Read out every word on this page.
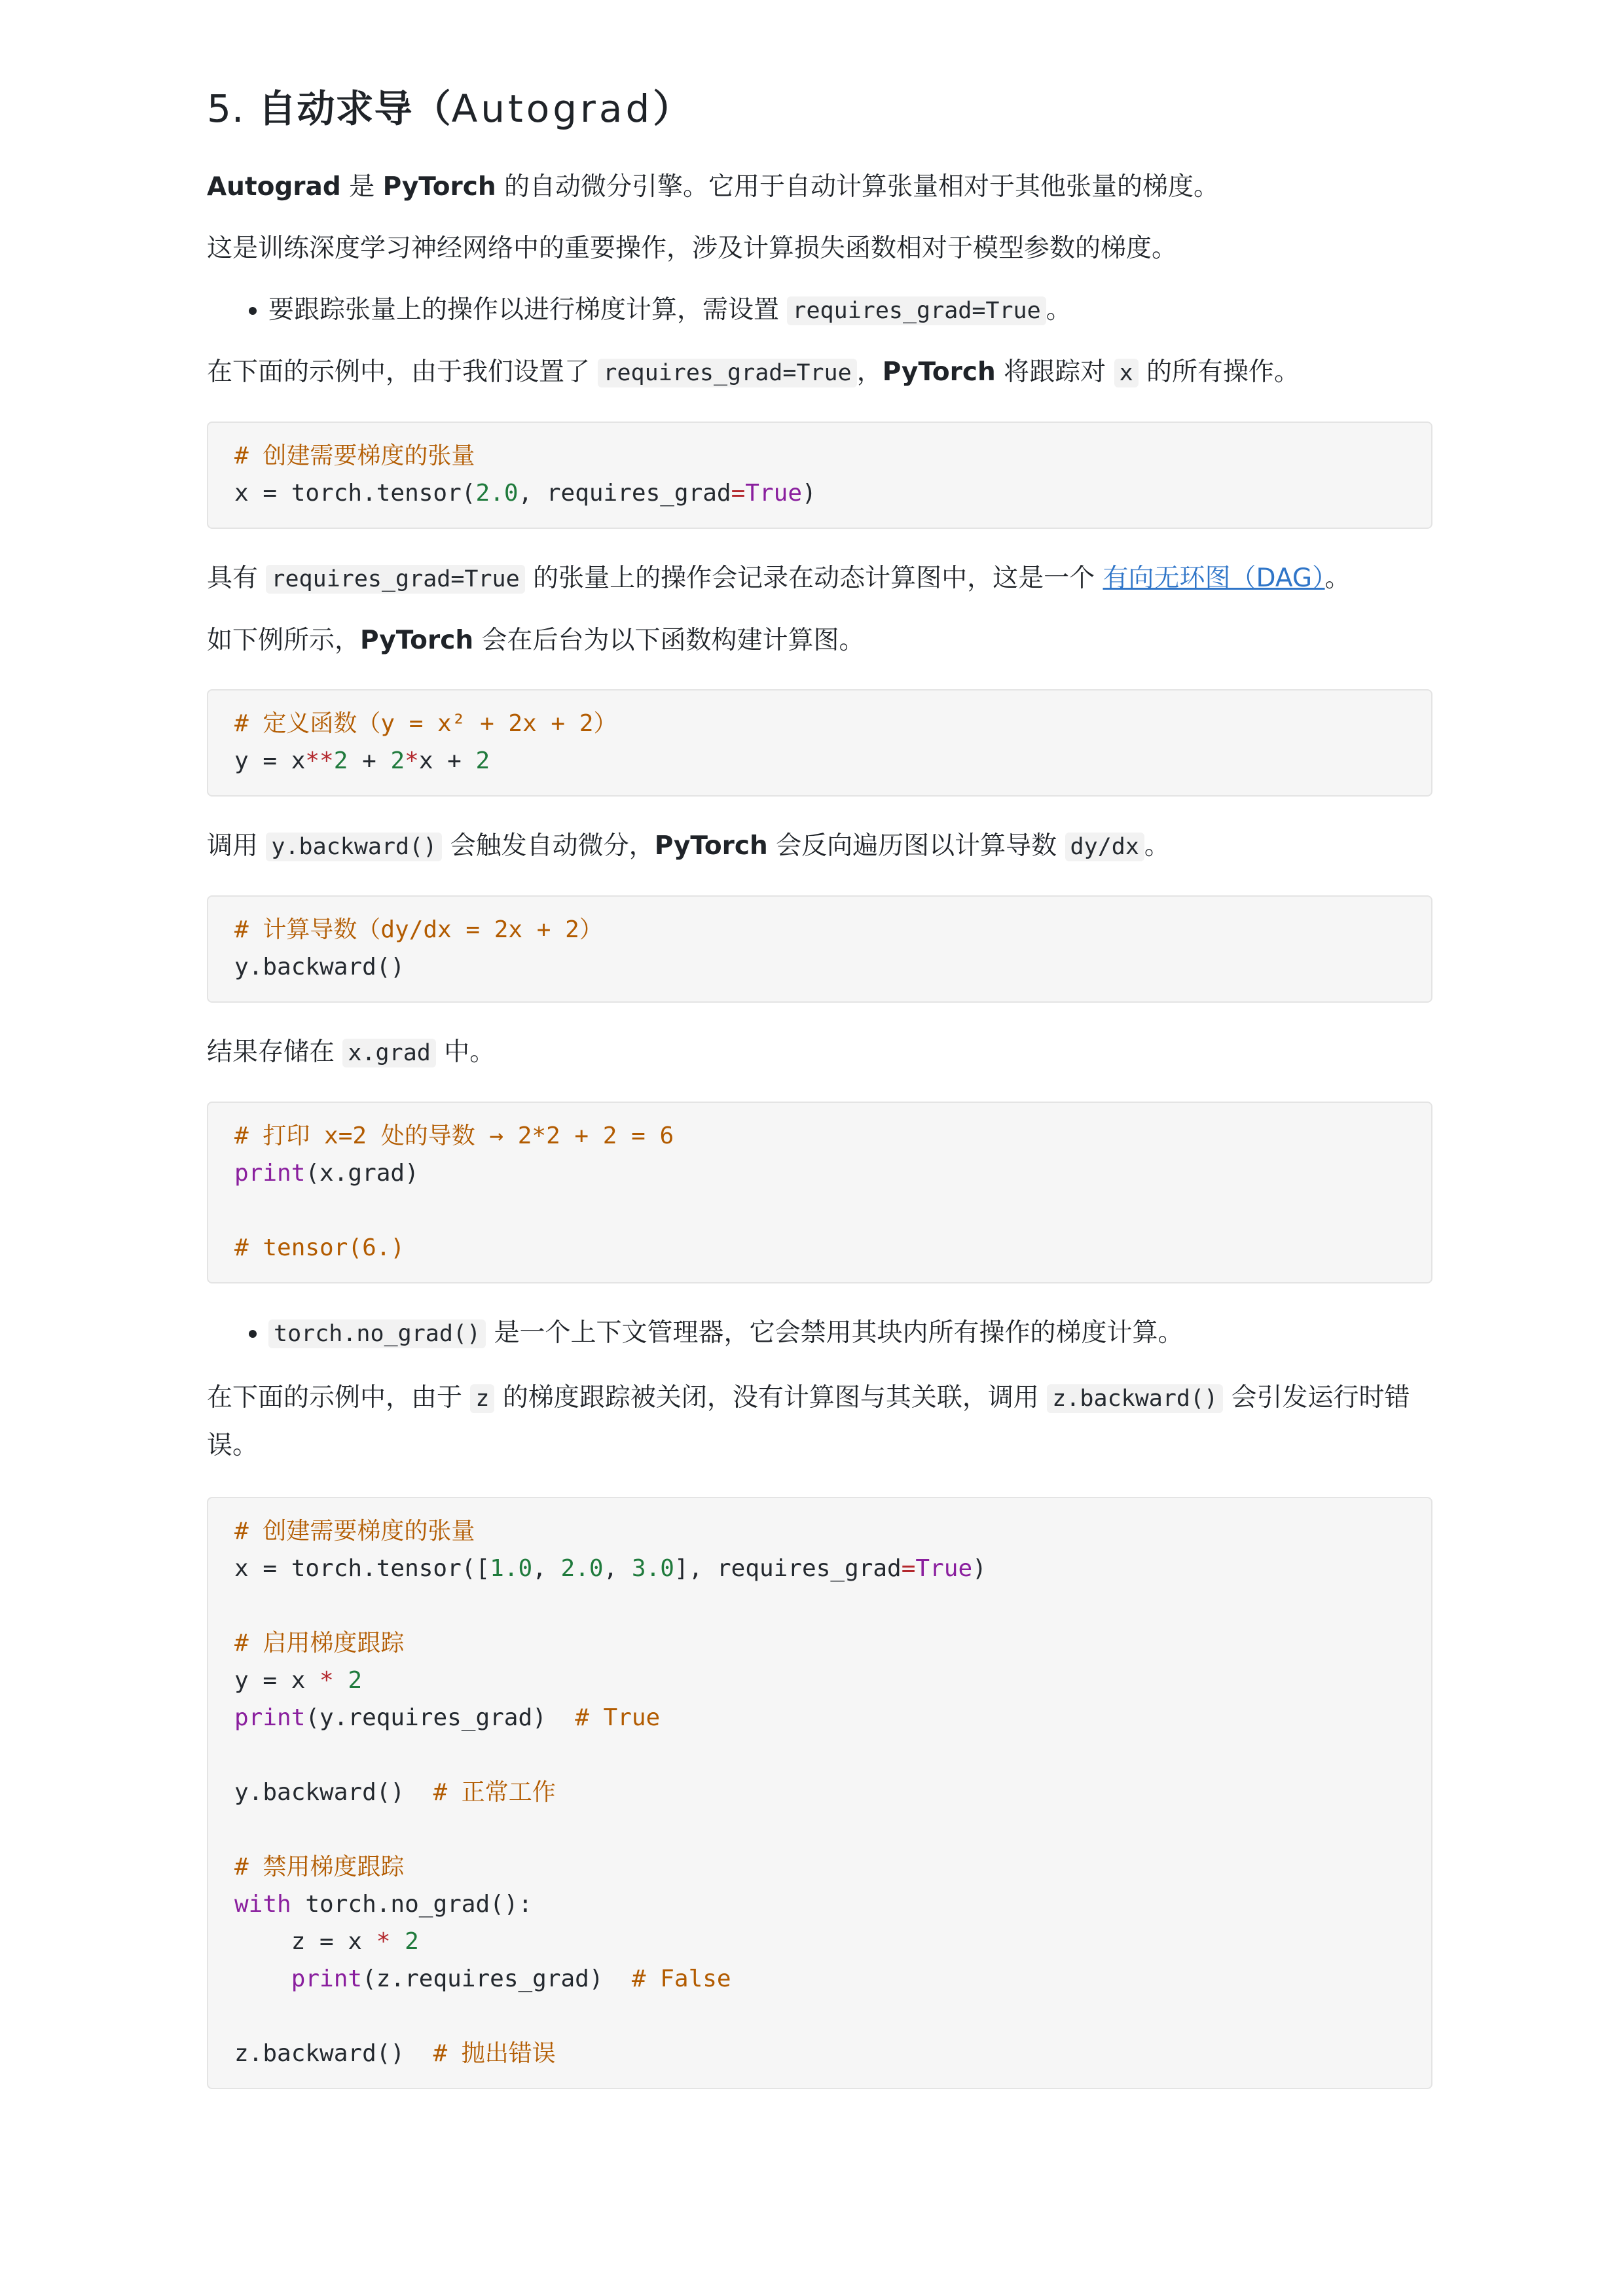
5. 自动求导（Autograd）

Autograd 是 PyTorch 的自动微分引擎。它用于自动计算张量相对于其他张量的梯度。

这是训练深度学习神经网络中的重要操作，涉及计算损失函数相对于模型参数的梯度。

• 要跟踪张量上的操作以进行梯度计算，需设置 requires_grad=True 。

在下面的示例中，由于我们设置了 requires_grad=True ，PyTorch 将跟踪对 x 的所有操作。

# 创建需要梯度的张量
x = torch.tensor(2.0, requires_grad=True)

具有 requires_grad=True 的张量上的操作会记录在动态计算图中，这是一个 有向无环图（DAG）。

如下例所示，PyTorch 会在后台为以下函数构建计算图。

# 定义函数（y = x² + 2x + 2）
y = x**2 + 2*x + 2

调用 y.backward() 会触发自动微分，PyTorch 会反向遍历图以计算导数 dy/dx 。

# 计算导数（dy/dx = 2x + 2）
y.backward()

结果存储在 x.grad 中。

# 打印 x=2 处的导数 → 2*2 + 2 = 6
print(x.grad)
# tensor(6.)
• torch.no_grad() 是一个上下文管理器，它会禁用其块内所有操作的梯度计算。

在下面的示例中，由于 z 的梯度跟踪被关闭，没有计算图与其关联，调用 z.backward() 会引发运行时错误。

# 创建需要梯度的张量
x = torch.tensor([1.0, 2.0, 3.0], requires_grad=True)
# 启用梯度跟踪
y = x * 2
print(y.requires_grad)  # True
y.backward()  # 正常工作
# 禁用梯度跟踪
with torch.no_grad():
z = x * 2
print(z.requires_grad)  # False
z.backward()  # 抛出错误
